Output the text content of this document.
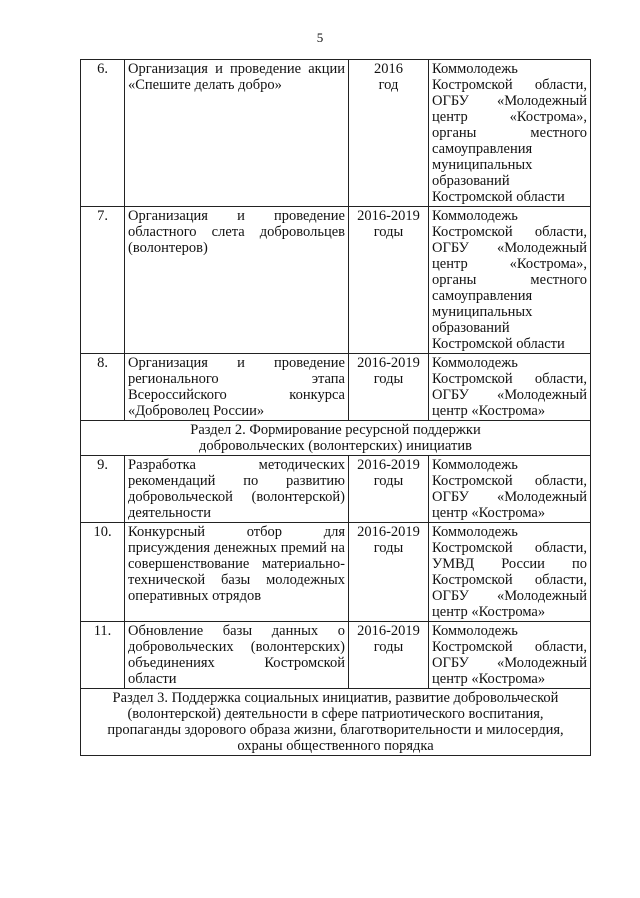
5
6.	Организация и проведение акции «Спешите делать добро»	2016 год	Коммолодежь Костромской области, ОГБУ «Молодежный центр «Кострома», органы местного самоуправления муниципальных образований Костромской области
7.	Организация и проведение областного слета добровольцев (волонтеров)	2016-2019 годы	Коммолодежь Костромской области, ОГБУ «Молодежный центр «Кострома», органы местного самоуправления муниципальных образований Костромской области
8.	Организация и проведение регионального этапа Всероссийского конкурса «Доброволец России»	2016-2019 годы	Коммолодежь Костромской области, ОГБУ «Молодежный центр «Кострома»
Раздел 2. Формирование ресурсной поддержки добровольческих (волонтерских) инициатив			
9.	Разработка методических рекомендаций по развитию добровольческой (волонтерской) деятельности	2016-2019 годы	Коммолодежь Костромской области, ОГБУ «Молодежный центр «Кострома»
10.	Конкурсный отбор для присуждения денежных премий на совершенствование материально-технической базы молодежных оперативных отрядов	2016-2019 годы	Коммолодежь Костромской области, УМВД России по Костромской области, ОГБУ «Молодежный центр «Кострома»
11.	Обновление базы данных о добровольческих (волонтерских) объединениях Костромской области	2016-2019 годы	Коммолодежь Костромской области, ОГБУ «Молодежный центр «Кострома»
Раздел 3. Поддержка социальных инициатив, развитие добровольческой (волонтерской) деятельности в сфере патриотического воспитания, пропаганды здорового образа жизни, благотворительности и милосердия, охраны общественного порядка			
